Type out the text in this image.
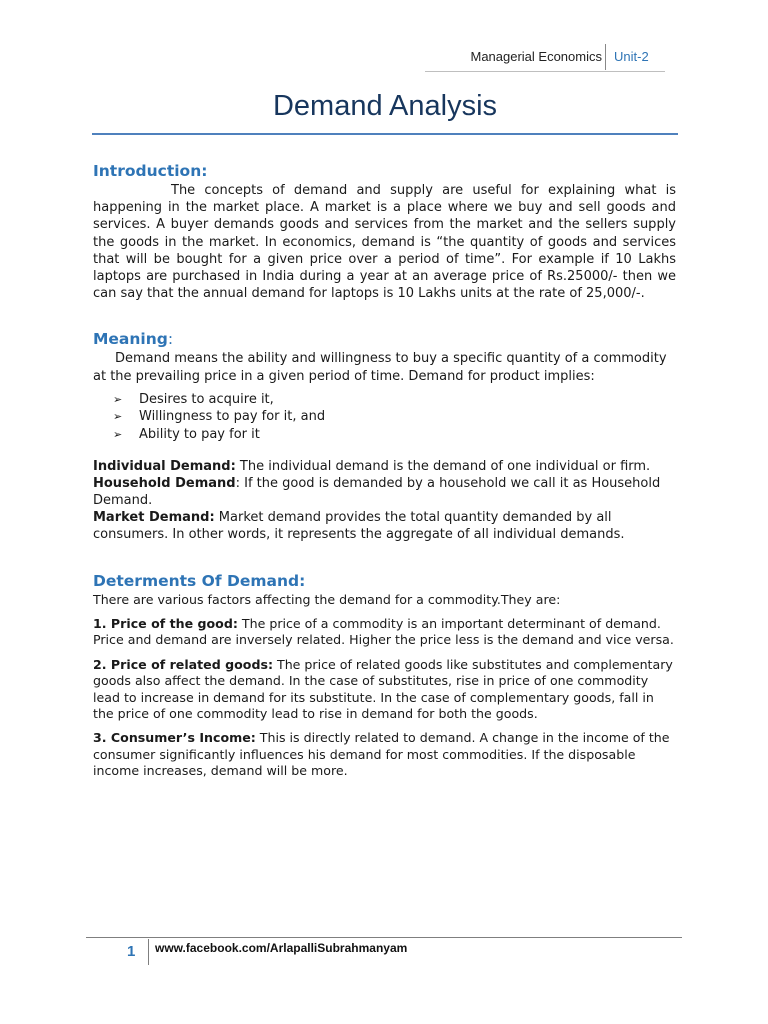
Managerial Economics Unit-2
Demand Analysis
Introduction:

The concepts of demand and supply are useful for explaining what is happening in the market place. A market is a place where we buy and sell goods and services. A buyer demands goods and services from the market and the sellers supply the goods in the market. In economics, demand is “the quantity of goods and services that will be bought for a given price over a period of time”. For example if 10 Lakhs laptops are purchased in India during a year at an average price of Rs.25000/- then we can say that the annual demand for laptops is 10 Lakhs units at the rate of 25,000/-.

Meaning:

Demand means the ability and willingness to buy a specific quantity of a commodity at the prevailing price in a given period of time. Demand for product implies:

➢ Desires to acquire it,
➢ Willingness to pay for it, and
➢ Ability to pay for it

Individual Demand: The individual demand is the demand of one individual or firm.

Household Demand: If the good is demanded by a household we call it as Household Demand.

Market Demand: Market demand provides the total quantity demanded by all consumers. In other words, it represents the aggregate of all individual demands.

Determents Of Demand:

There are various factors affecting the demand for a commodity.They are:

1. Price of the good: The price of a commodity is an important determinant of demand. Price and demand are inversely related. Higher the price less is the demand and vice versa.

2. Price of related goods: The price of related goods like substitutes and complementary goods also affect the demand. In the case of substitutes, rise in price of one commodity lead to increase in demand for its substitute. In the case of complementary goods, fall in the price of one commodity lead to rise in demand for both the goods.

3. Consumer’s Income: This is directly related to demand. A change in the income of the consumer significantly influences his demand for most commodities. If the disposable income increases, demand will be more.

1 www.facebook.com/ArlapalliSubrahmanyam
